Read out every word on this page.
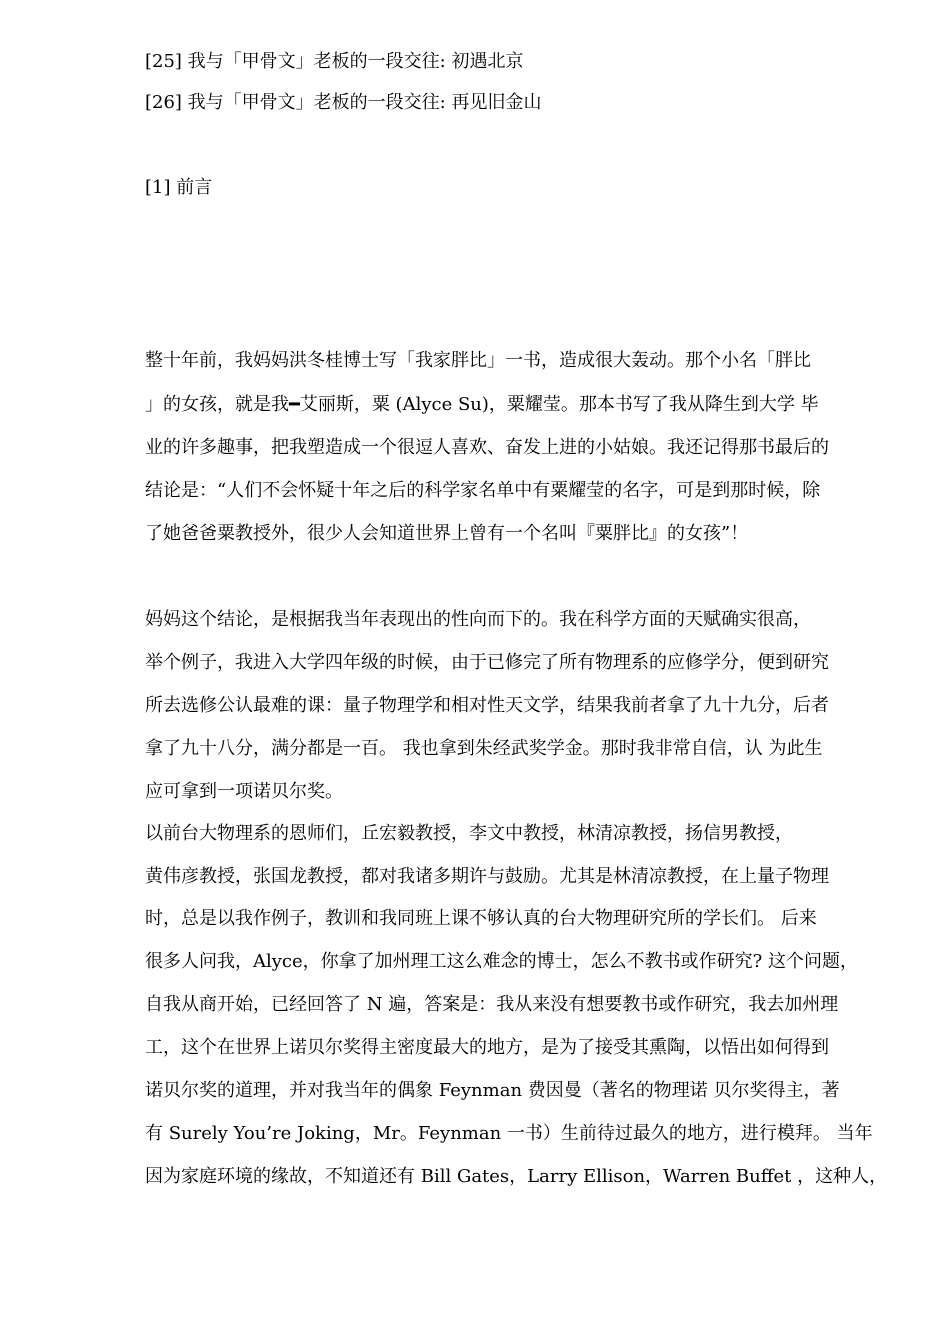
[25] 我与「甲骨文」老板的一段交往: 初遇北京
[26] 我与「甲骨文」老板的一段交往: 再见旧金山
[1] 前言
整十年前，我妈妈洪冬桂博士写「我家胖比」一书，造成很大轰动。那个小名「胖比
」的女孩，就是我━艾丽斯，粟 (Alyce Su)，粟耀莹。那本书写了我从降生到大学 毕
业的许多趣事，把我塑造成一个很逗人喜欢、奋发上进的小姑娘。我还记得那书最后的
结论是：“人们不会怀疑十年之后的科学家名单中有粟耀莹的名字，可是到那时候，除
了她爸爸粟教授外，很少人会知道世界上曾有一个名叫『粟胖比』的女孩”！
妈妈这个结论，是根据我当年表现出的性向而下的。我在科学方面的天赋确实很高，
举个例子，我进入大学四年级的时候，由于已修完了所有物理系的应修学分，便到研究
所去选修公认最难的课：量子物理学和相对性天文学，结果我前者拿了九十九分，后者
拿了九十八分，满分都是一百。 我也拿到朱经武奖学金。那时我非常自信，认 为此生
应可拿到一项诺贝尔奖。
以前台大物理系的恩师们，丘宏毅教授，李文中教授，林清凉教授，扬信男教授，
黄伟彦教授，张国龙教授，都对我诸多期许与鼓励。尤其是林清凉教授，在上量子物理
时，总是以我作例子，教训和我同班上课不够认真的台大物理研究所的学长们。 后来
很多人问我，Alyce，你拿了加州理工这么难念的博士，怎么不教书或作研究? 这个问题，
自我从商开始，已经回答了 N 遍，答案是：我从来没有想要教书或作研究，我去加州理
工，这个在世界上诺贝尔奖得主密度最大的地方，是为了接受其熏陶，以悟出如何得到
诺贝尔奖的道理，并对我当年的偶象 Feynman 费因曼（著名的物理诺 贝尔奖得主，著
有 Surely You’re Joking，Mr。Feynman 一书）生前待过最久的地方，进行模拜。 当年
因为家庭环境的缘故，不知道还有 Bill Gates，Larry Ellison，Warren Buffet ，这种人，
